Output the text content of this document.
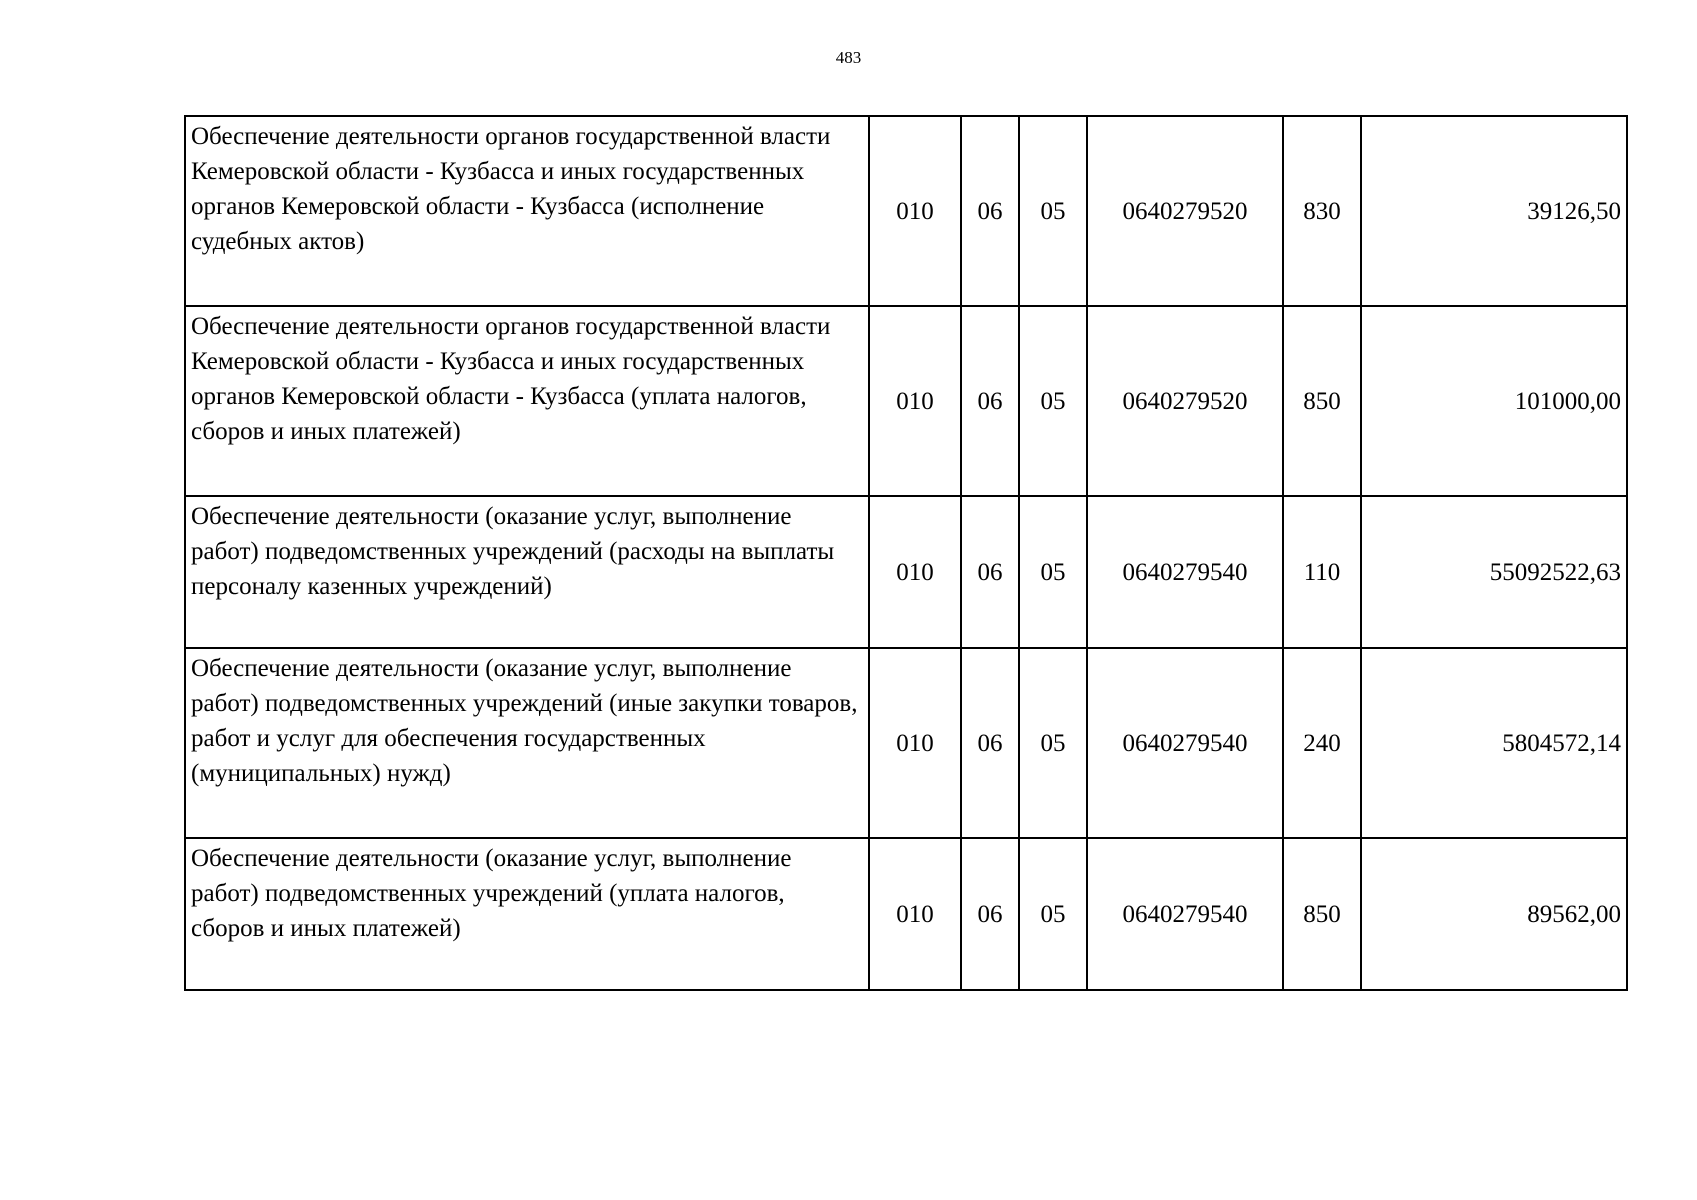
483
Обеспечение деятельности органов государственной власти Кемеровской области - Кузбасса и иных государственных органов Кемеровской области - Кузбасса (исполнение судебных актов)	010	06	05	0640279520	830	39126,50
Обеспечение деятельности органов государственной власти Кемеровской области - Кузбасса и иных государственных органов Кемеровской области - Кузбасса (уплата налогов, сборов и иных платежей)	010	06	05	0640279520	850	101000,00
Обеспечение деятельности (оказание услуг, выполнение работ) подведомственных учреждений (расходы на выплаты персоналу казенных учреждений)	010	06	05	0640279540	110	55092522,63
Обеспечение деятельности (оказание услуг, выполнение работ) подведомственных учреждений (иные закупки товаров, работ и услуг для обеспечения государственных (муниципальных) нужд)	010	06	05	0640279540	240	5804572,14
Обеспечение деятельности (оказание услуг, выполнение работ) подведомственных учреждений (уплата налогов, сборов и иных платежей)	010	06	05	0640279540	850	89562,00
